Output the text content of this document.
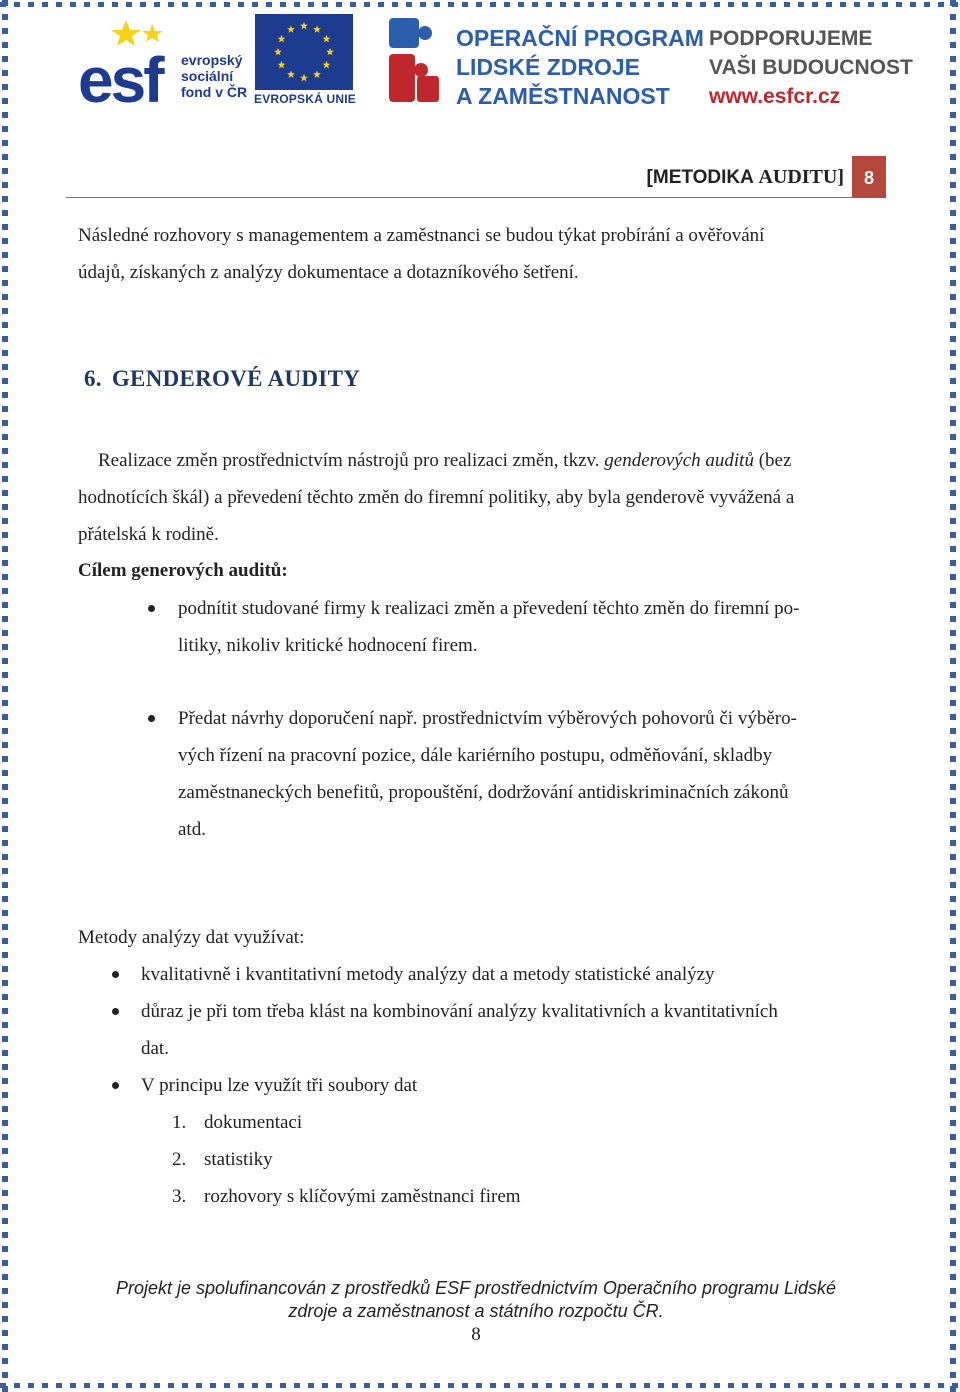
esf evropský
sociální
fond v ČR EVROPSKÁ UNIE
OPERAČNÍ PROGRAM
LIDSKÉ ZDROJE
A ZAMĚSTNANOST
PODPORUJEME
VAŠI BUDOUCNOST
www.esfcr.cz
[METODIKA AUDITU]	8
Následné rozhovory s managementem a zaměstnanci se budou týkat probírání a ověřování
údajů, získaných z analýzy dokumentace a dotazníkového šetření.
6. GENDEROVÉ AUDITY
Realizace změn prostřednictvím nástrojů pro realizaci změn, tkzv. genderových auditů (bez
hodnotících škál) a převedení těchto změn do firemní politiky, aby byla genderově vyvážená a
přátelská k rodině.
Cílem generových auditů:
podnítit studované firmy k realizaci změn a převedení těchto změn do firemní po-
litiky, nikoliv kritické hodnocení firem.
Předat návrhy doporučení např. prostřednictvím výběrových pohovorů či výběro-
vých řízení na pracovní pozice, dále kariérního postupu, odměňování, skladby
zaměstnaneckých benefitů, propouštění, dodržování antidiskriminačních zákonů
atd.
Metody analýzy dat využívat:
kvalitativně i kvantitativní metody analýzy dat a metody statistické analýzy
důraz je při tom třeba klást na kombinování analýzy kvalitativních a kvantitativních
dat.
V principu lze využít tři soubory dat
1. dokumentaci
2. statistiky
3. rozhovory s klíčovými zaměstnanci firem
Projekt je spolufinancován z prostředků ESF prostřednictvím Operačního programu Lidské
zdroje a zaměstnanost a státního rozpočtu ČR.
8
